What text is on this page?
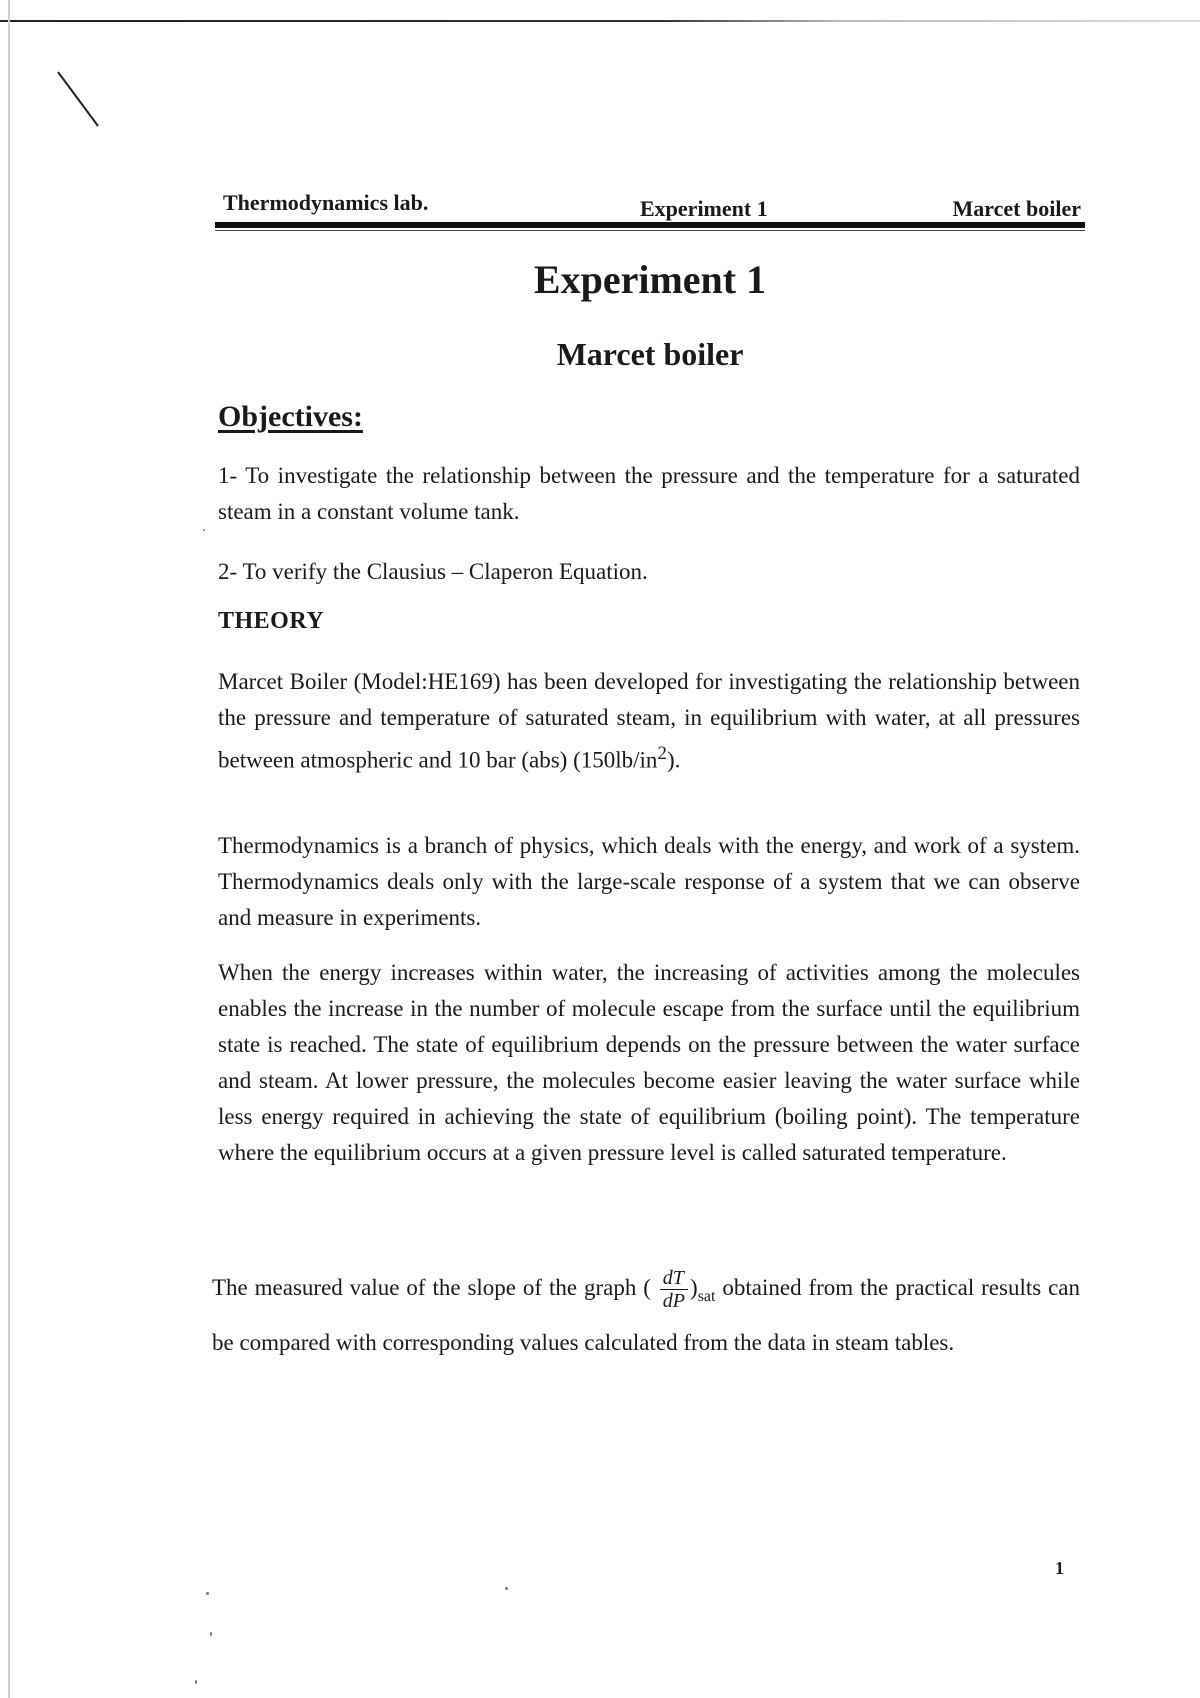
Thermodynamics lab.	Experiment 1	Marcet boiler
Experiment 1
Marcet boiler
Objectives:
1- To investigate the relationship between the pressure and the temperature for a saturated steam in a constant volume tank.
2- To verify the Clausius – Claperon Equation.
THEORY
Marcet Boiler (Model:HE169) has been developed for investigating the relationship between the pressure and temperature of saturated steam, in equilibrium with water, at all pressures between atmospheric and 10 bar (abs) $(150lb/in^2)$.
Thermodynamics is a branch of physics, which deals with the energy, and work of a system. Thermodynamics deals only with the large-scale response of a system that we can observe and measure in experiments.
When the energy increases within water, the increasing of activities among the molecules enables the increase in the number of molecule escape from the surface until the equilibrium state is reached. The state of equilibrium depends on the pressure between the water surface and steam. At lower pressure, the molecules become easier leaving the water surface while less energy required in achieving the state of equilibrium (boiling point). The temperature where the equilibrium occurs at a given pressure level is called saturated temperature.
The measured value of the slope of the graph ( $\frac{dT}{dP} )_{sat}$ obtained from the practical results can be compared with corresponding values calculated from the data in steam tables.
1
